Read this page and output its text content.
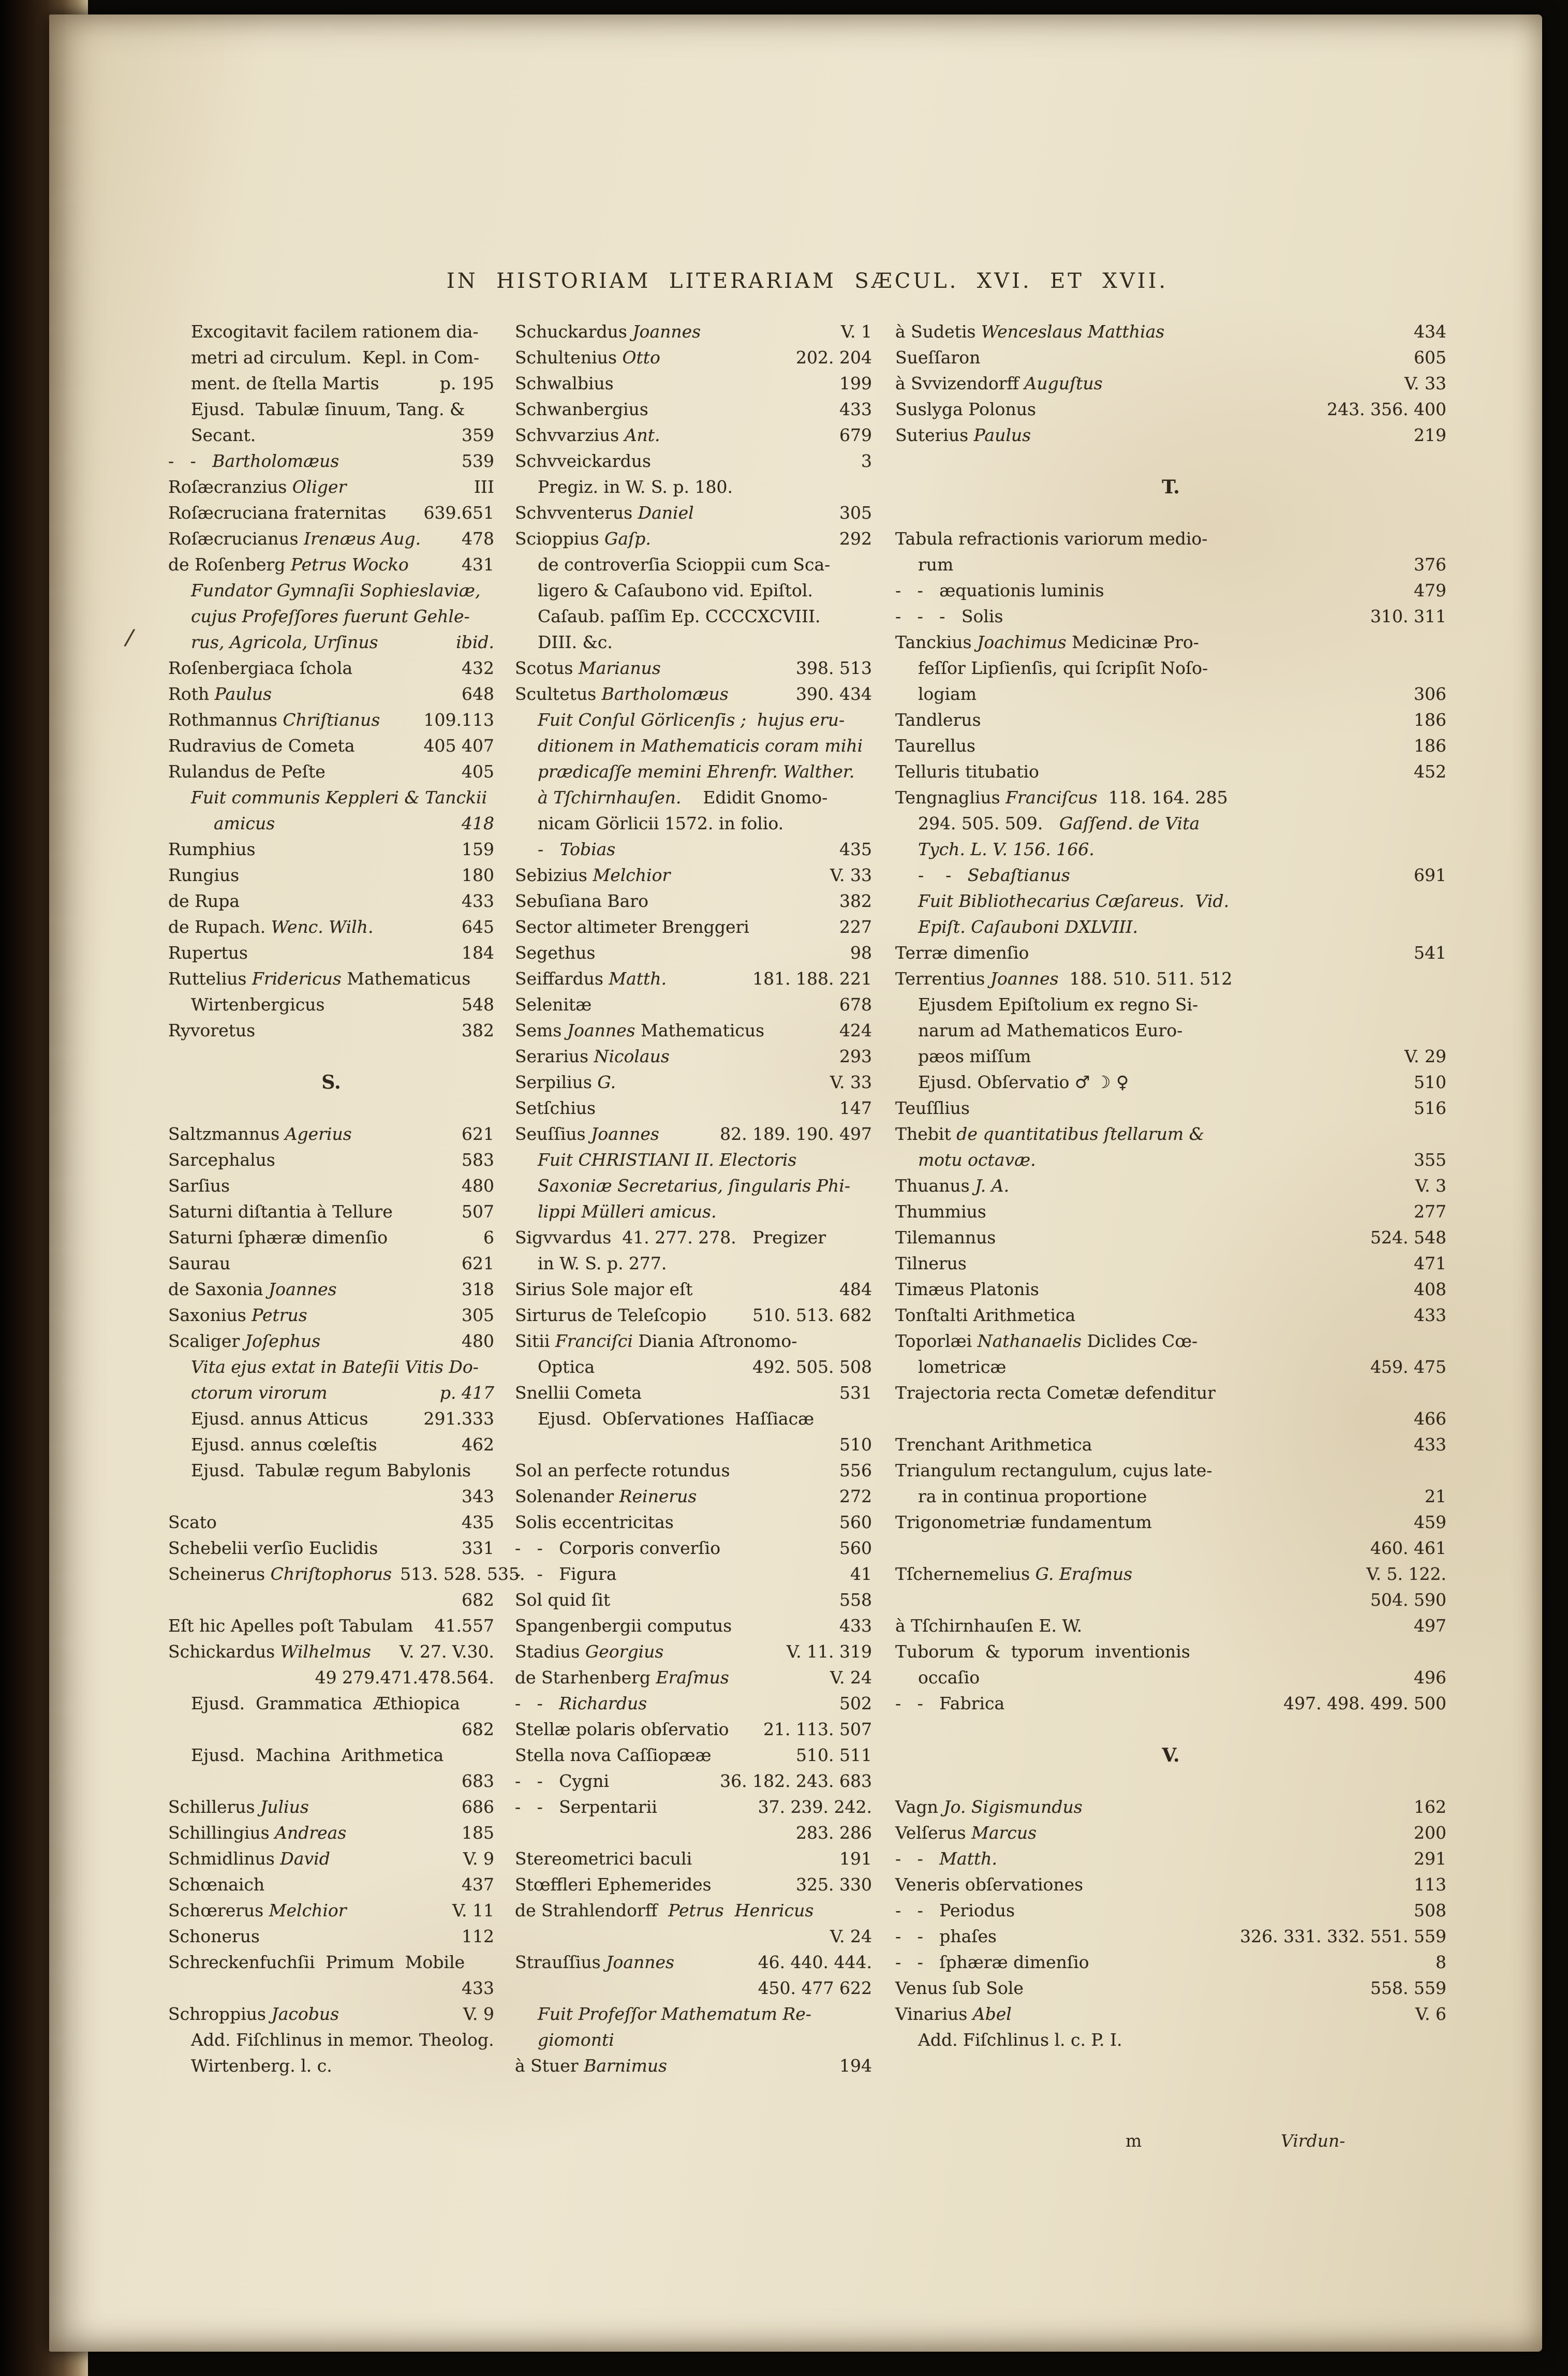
/
IN  HISTORIAM  LITERARIAM  SÆCUL.  XVI.  ET  XVII.
Excogitavit facilem rationem dia-
metri ad circulum.  Kepl. in Com-
ment. de ſtella Martis	p. 195
Ejusd.  Tabulæ ſinuum, Tang. &
Secant.	359
-   -   Bartholomæus	539
Roſæcranzius Oliger	III
Roſæcruciana fraternitas	639.651
Roſæcrucianus Irenæus Aug.	478
de Roſenberg Petrus Wocko	431
Fundator Gymnaſii Sophieslaviæ,
cujus Profeſſores fuerunt Gehle-
rus, Agricola, Urſinus	ibid.
Roſenbergiaca ſchola	432
Roth Paulus	648
Rothmannus Chriſtianus	109.113
Rudravius de Cometa	405 407
Rulandus de Peſte	405
Fuit communis Keppleri & Tanckii
amicus	418
Rumphius	159
Rungius	180
de Rupa	433
de Rupach. Wenc. Wilh.	645
Rupertus	184
Ruttelius Fridericus Mathematicus
Wirtenbergicus	548
Ryvoretus	382
S.
Saltzmannus Agerius	621
Sarcephalus	583
Sarſius	480
Saturni diſtantia à Tellure	507
Saturni ſphæræ dimenſio	6
Saurau	621
de Saxonia Joannes	318
Saxonius Petrus	305
Scaliger Joſephus	480
Vita ejus extat in Bateſii Vitis Do-
ctorum virorum	p. 417
Ejusd. annus Atticus	291.333
Ejusd. annus cœleſtis	462
Ejusd.  Tabulæ regum Babylonis
343
Scato	435
Schebelii verſio Euclidis	331
Scheinerus Chriſtophorus 513. 528. 535.
682
Eſt hic Apelles poſt Tabulam	41.557
Schickardus Wilhelmus	V. 27. V.30.
49 279.471.478.564.
Ejusd.  Grammatica  Æthiopica
682
Ejusd.  Machina  Arithmetica
683
Schillerus Julius	686
Schillingius Andreas	185
Schmidlinus David	V. 9
Schœnaich	437
Schœrerus Melchior	V. 11
Schonerus	112
Schreckenfuchſii  Primum  Mobile
433
Schroppius Jacobus	V. 9
Add. Fiſchlinus in memor. Theolog.
Wirtenberg. l. c.
Schuckardus Joannes	V. 1
Schultenius Otto	202. 204
Schwalbius	199
Schwanbergius	433
Schvvarzius Ant.	679
Schvveickardus	3
Pregiz. in W. S. p. 180.
Schvventerus Daniel	305
Scioppius Gaſp.	292
de controverſia Scioppii cum Sca-
ligero & Caſaubono vid. Epiſtol.
Caſaub. paſſim Ep. CCCCXCVIII.
DIII. &c.
Scotus Marianus	398. 513
Scultetus Bartholomæus	390. 434
Fuit Conſul Görlicenſis ;  hujus eru-
ditionem in Mathematicis coram mihi
prædicaſſe memini Ehrenfr. Walther.
à Tſchirnhauſen.    Edidit Gnomo-
nicam Görlicii 1572. in folio.
-   Tobias	435
Sebizius Melchior	V. 33
Sebuſiana Baro	382
Sector altimeter Brenggeri	227
Segethus	98
Seiffardus Matth.	181. 188. 221
Selenitæ	678
Sems Joannes Mathematicus	424
Serarius Nicolaus	293
Serpilius G.	V. 33
Setſchius	147
Seuſſius Joannes	82. 189. 190. 497
Fuit CHRISTIANI II. Electoris
Saxoniæ Secretarius, ſingularis Phi-
lippi Mülleri amicus.
Sigvvardus  41. 277. 278.   Pregizer
in W. S. p. 277.
Sirius Sole major eſt	484
Sirturus de Teleſcopio	510. 513. 682
Sitii Franciſci Diania Aſtronomo-
Optica	492. 505. 508
Snellii Cometa	531
Ejusd.  Obſervationes  Haſſiacæ
510
Sol an perfecte rotundus	556
Solenander Reinerus	272
Solis eccentricitas	560
-   -   Corporis converſio	560
-   -   Figura	41
Sol quid ſit	558
Spangenbergii computus	433
Stadius Georgius	V. 11. 319
de Starhenberg Eraſmus	V. 24
-   -   Richardus	502
Stellæ polaris obſervatio	21. 113. 507
Stella nova Caſſiopææ	510. 511
-   -   Cygni	36. 182. 243. 683
-   -   Serpentarii	37. 239. 242.
283. 286
Stereometrici baculi	191
Stœffleri Ephemerides	325. 330
de Strahlendorff  Petrus  Henricus
V. 24
Strauſſius Joannes	46. 440. 444.
450. 477 622
Fuit Profeſſor Mathematum Re-
giomonti
à Stuer Barnimus	194
à Sudetis Wenceslaus Matthias	434
Sueſſaron	605
à Svvizendorff Auguſtus	V. 33
Suslyga Polonus	243. 356. 400
Suterius Paulus	219
T.
Tabula refractionis variorum medio-
rum	376
-   -   æquationis luminis	479
-   -   -   Solis	310. 311
Tanckius Joachimus Medicinæ Pro-
feſſor Lipſienſis, qui ſcripſit Noſo-
logiam	306
Tandlerus	186
Taurellus	186
Telluris titubatio	452
Tengnaglius Franciſcus  118. 164. 285
294. 505. 509.   Gaſſend. de Vita
Tych. L. V. 156. 166.
-    -   Sebaſtianus	691
Fuit Bibliothecarius Cæſareus.  Vid.
Epiſt. Caſauboni DXLVIII.
Terræ dimenſio	541
Terrentius Joannes  188. 510. 511. 512
Ejusdem Epiſtolium ex regno Si-
narum ad Mathematicos Euro-
pæos miſſum	V. 29
Ejusd. Obſervatio ♂ ☽ ♀	510
Teuſſlius	516
Thebit de quantitatibus ſtellarum &
motu octavæ.	355
Thuanus J. A.	V. 3
Thummius	277
Tilemannus	524. 548
Tilnerus	471
Timæus Platonis	408
Tonſtalti Arithmetica	433
Toporlæi Nathanaelis Diclides Cœ-
lometricæ	459. 475
Trajectoria recta Cometæ defenditur
466
Trenchant Arithmetica	433
Triangulum rectangulum, cujus late-
ra in continua proportione	21
Trigonometriæ fundamentum	459
460. 461
Tſchernemelius G. Eraſmus	V. 5. 122.
504. 590
à Tſchirnhauſen E. W.	497
Tuborum  &  typorum  inventionis
occaſio	496
-   -   Fabrica	497. 498. 499. 500
V.
Vagn Jo. Sigismundus	162
Velſerus Marcus	200
-   -   Matth.	291
Veneris obſervationes	113
-   -   Periodus	508
-   -   phaſes	326. 331. 332. 551. 559
-   -   ſphæræ dimenſio	8
Venus ſub Sole	558. 559
Vinarius Abel	V. 6
Add. Fiſchlinus l. c. P. I.
m	Virdun-
